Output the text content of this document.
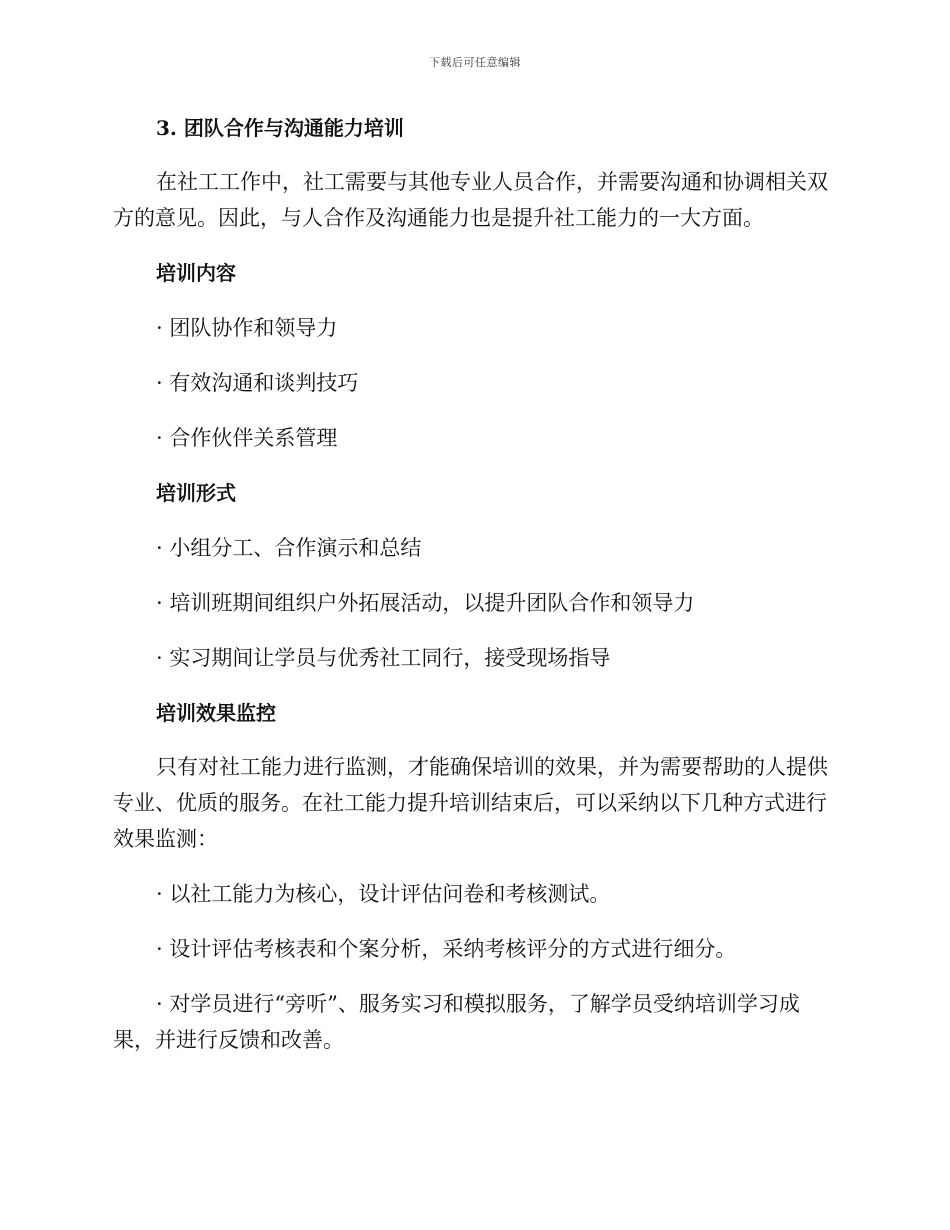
下载后可任意编辑

3. 团队合作与沟通能力培训

在社工工作中，社工需要与其他专业人员合作，并需要沟通和协调相关双方的意见。因此，与人合作及沟通能力也是提升社工能力的一大方面。

培训内容

· 团队协作和领导力

· 有效沟通和谈判技巧

· 合作伙伴关系管理

培训形式

· 小组分工、合作演示和总结

· 培训班期间组织户外拓展活动，以提升团队合作和领导力

· 实习期间让学员与优秀社工同行，接受现场指导

培训效果监控

只有对社工能力进行监测，才能确保培训的效果，并为需要帮助的人提供专业、优质的服务。在社工能力提升培训结束后，可以采纳以下几种方式进行效果监测：

· 以社工能力为核心，设计评估问卷和考核测试。

· 设计评估考核表和个案分析，采纳考核评分的方式进行细分。

· 对学员进行“旁听”、服务实习和模拟服务，了解学员受纳培训学习成果，并进行反馈和改善。
